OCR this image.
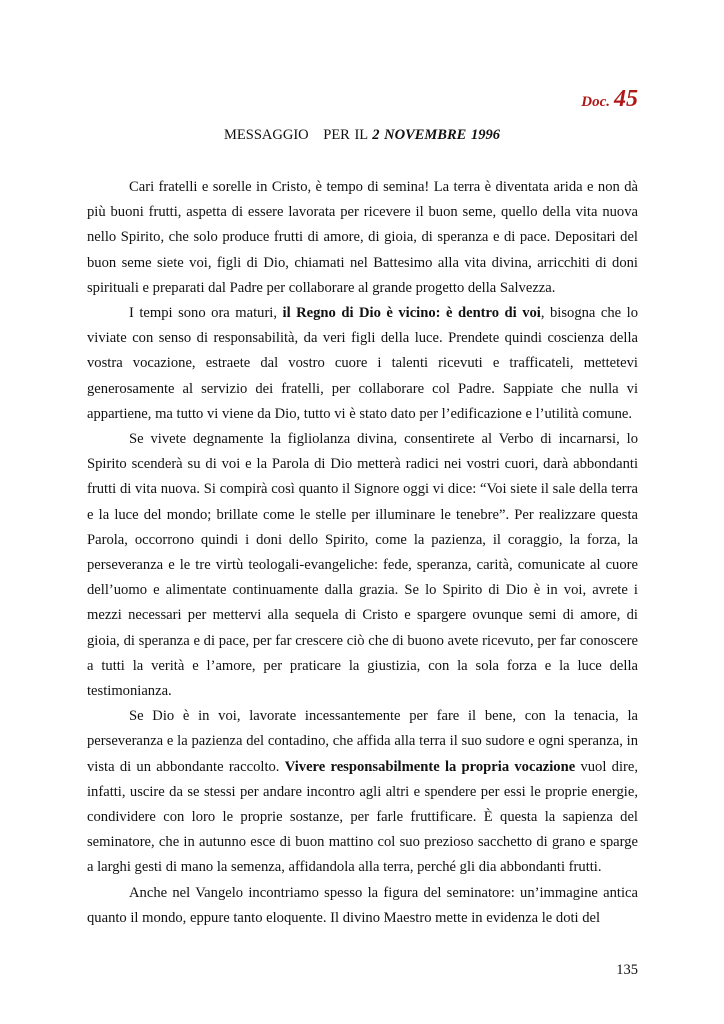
Doc. 45
MESSAGGIO PER IL 2 NOVEMBRE 1996

Cari fratelli e sorelle in Cristo, è tempo di semina! La terra è diventata arida e non dà più buoni frutti, aspetta di essere lavorata per ricevere il buon seme, quello della vita nuova nello Spirito, che solo produce frutti di amore, di gioia, di speranza e di pace. Depositari del buon seme siete voi, figli di Dio, chiamati nel Battesimo alla vita divina, arricchiti di doni spirituali e preparati dal Padre per collaborare al grande progetto della Salvezza.

I tempi sono ora maturi, il Regno di Dio è vicino: è dentro di voi, bisogna che lo viviate con senso di responsabilità, da veri figli della luce. Prendete quindi coscienza della vostra vocazione, estraete dal vostro cuore i talenti ricevuti e trafficateli, mettetevi generosamente al servizio dei fratelli, per collaborare col Padre. Sappiate che nulla vi appartiene, ma tutto vi viene da Dio, tutto vi è stato dato per l’edificazione e l’utilità comune.

Se vivete degnamente la figliolanza divina, consentirete al Verbo di incarnarsi, lo Spirito scenderà su di voi e la Parola di Dio metterà radici nei vostri cuori, darà abbondanti frutti di vita nuova. Si compirà così quanto il Signore oggi vi dice: “Voi siete il sale della terra e la luce del mondo; brillate come le stelle per illuminare le tenebre”. Per realizzare questa Parola, occorrono quindi i doni dello Spirito, come la pazienza, il coraggio, la forza, la perseveranza e le tre virtù teologali-evangeliche: fede, speranza, carità, comunicate al cuore dell’uomo e alimentate continuamente dalla grazia. Se lo Spirito di Dio è in voi, avrete i mezzi necessari per mettervi alla sequela di Cristo e spargere ovunque semi di amore, di gioia, di speranza e di pace, per far crescere ciò che di buono avete ricevuto, per far conoscere a tutti la verità e l’amore, per praticare la giustizia, con la sola forza e la luce della testimonianza.

Se Dio è in voi, lavorate incessantemente per fare il bene, con la tenacia, la perseveranza e la pazienza del contadino, che affida alla terra il suo sudore e ogni speranza, in vista di un abbondante raccolto. Vivere responsabilmente la propria vocazione vuol dire, infatti, uscire da se stessi per andare incontro agli altri e spendere per essi le proprie energie, condividere con loro le proprie sostanze, per farle fruttificare. È questa la sapienza del seminatore, che in autunno esce di buon mattino col suo prezioso sacchetto di grano e sparge a larghi gesti di mano la semenza, affidandola alla terra, perché gli dia abbondanti frutti.

Anche nel Vangelo incontriamo spesso la figura del seminatore: un’immagine antica quanto il mondo, eppure tanto eloquente. Il divino Maestro mette in evidenza le doti del

135
